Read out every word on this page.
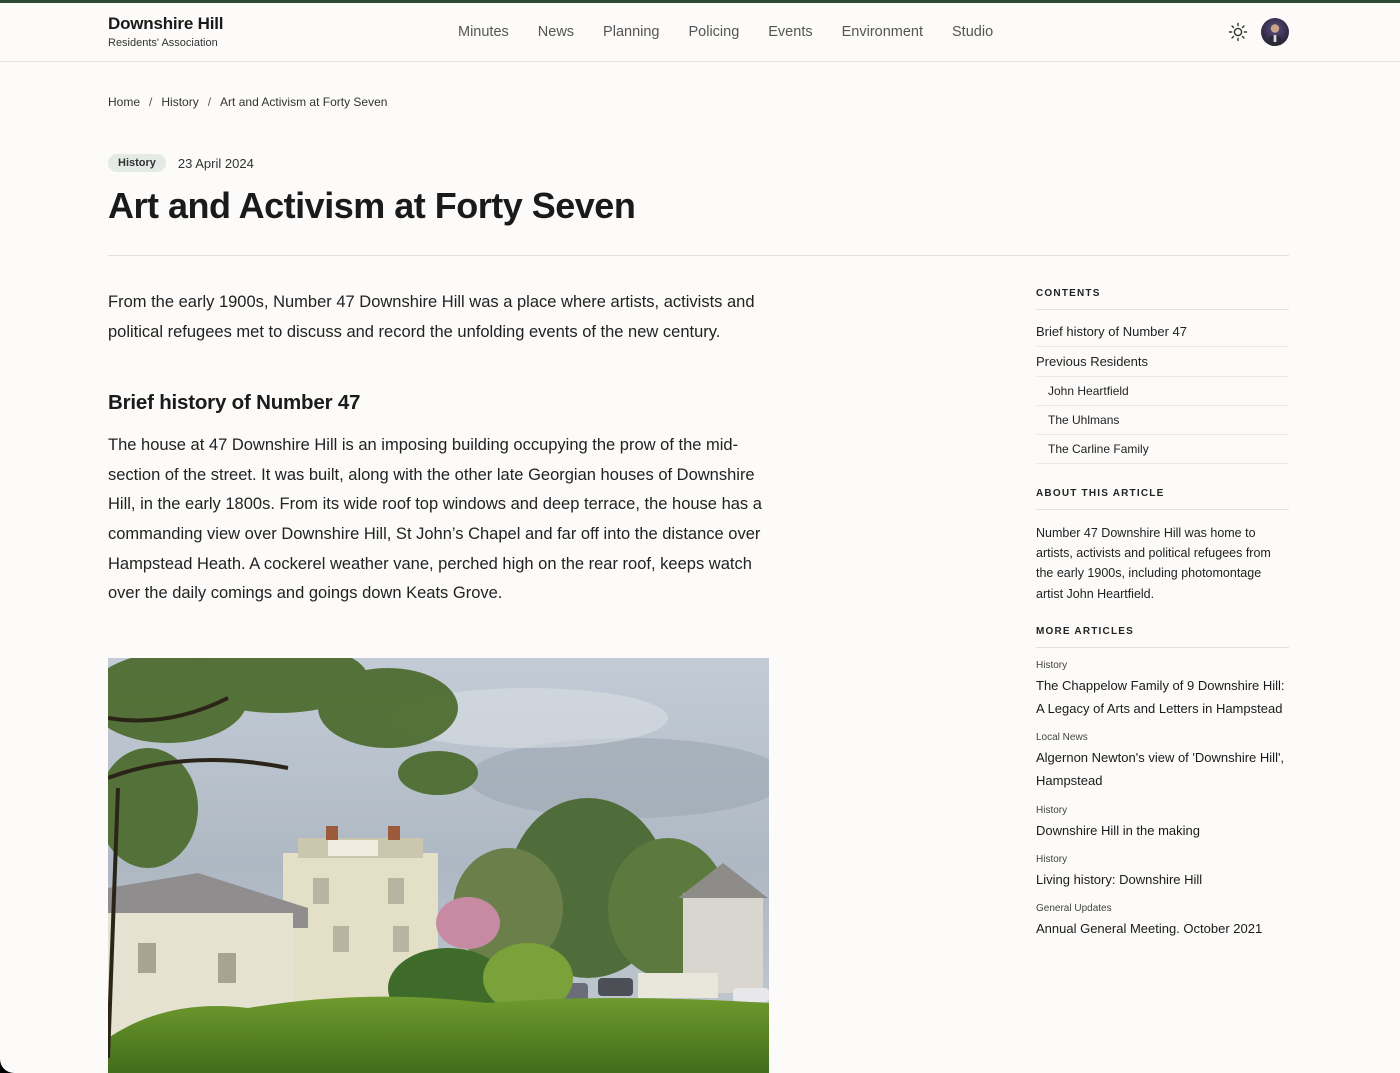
Downshire Hill
Residents' Association
Minutes News Planning Policing Events Environment Studio
Home / History / Art and Activism at Forty Seven
History	23 April 2024
Art and Activism at Forty Seven

From the early 1900s, Number 47 Downshire Hill was a place where artists, activists and political refugees met to discuss and record the unfolding events of the new century.

Brief history of Number 47

The house at 47 Downshire Hill is an imposing building occupying the prow of the mid-section of the street. It was built, along with the other late Georgian houses of Downshire Hill, in the early 1800s. From its wide roof top windows and deep terrace, the house has a commanding view over Downshire Hill, St John’s Chapel and far off into the distance over Hampstead Heath. A cockerel weather vane, perched high on the rear roof, keeps watch over the daily comings and goings down Keats Grove.

CONTENTS
Brief history of Number 47
Previous Residents
John Heartfield
The Uhlmans
The Carline Family
ABOUT THIS ARTICLE

Number 47 Downshire Hill was home to artists, activists and political refugees from the early 1900s, including photomontage artist John Heartfield.

MORE ARTICLES
History
The Chappelow Family of 9 Downshire Hill: A Legacy of Arts and Letters in Hampstead
Local News
Algernon Newton's view of 'Downshire Hill', Hampstead
History
Downshire Hill in the making
History
Living history: Downshire Hill
General Updates
Annual General Meeting. October 2021
